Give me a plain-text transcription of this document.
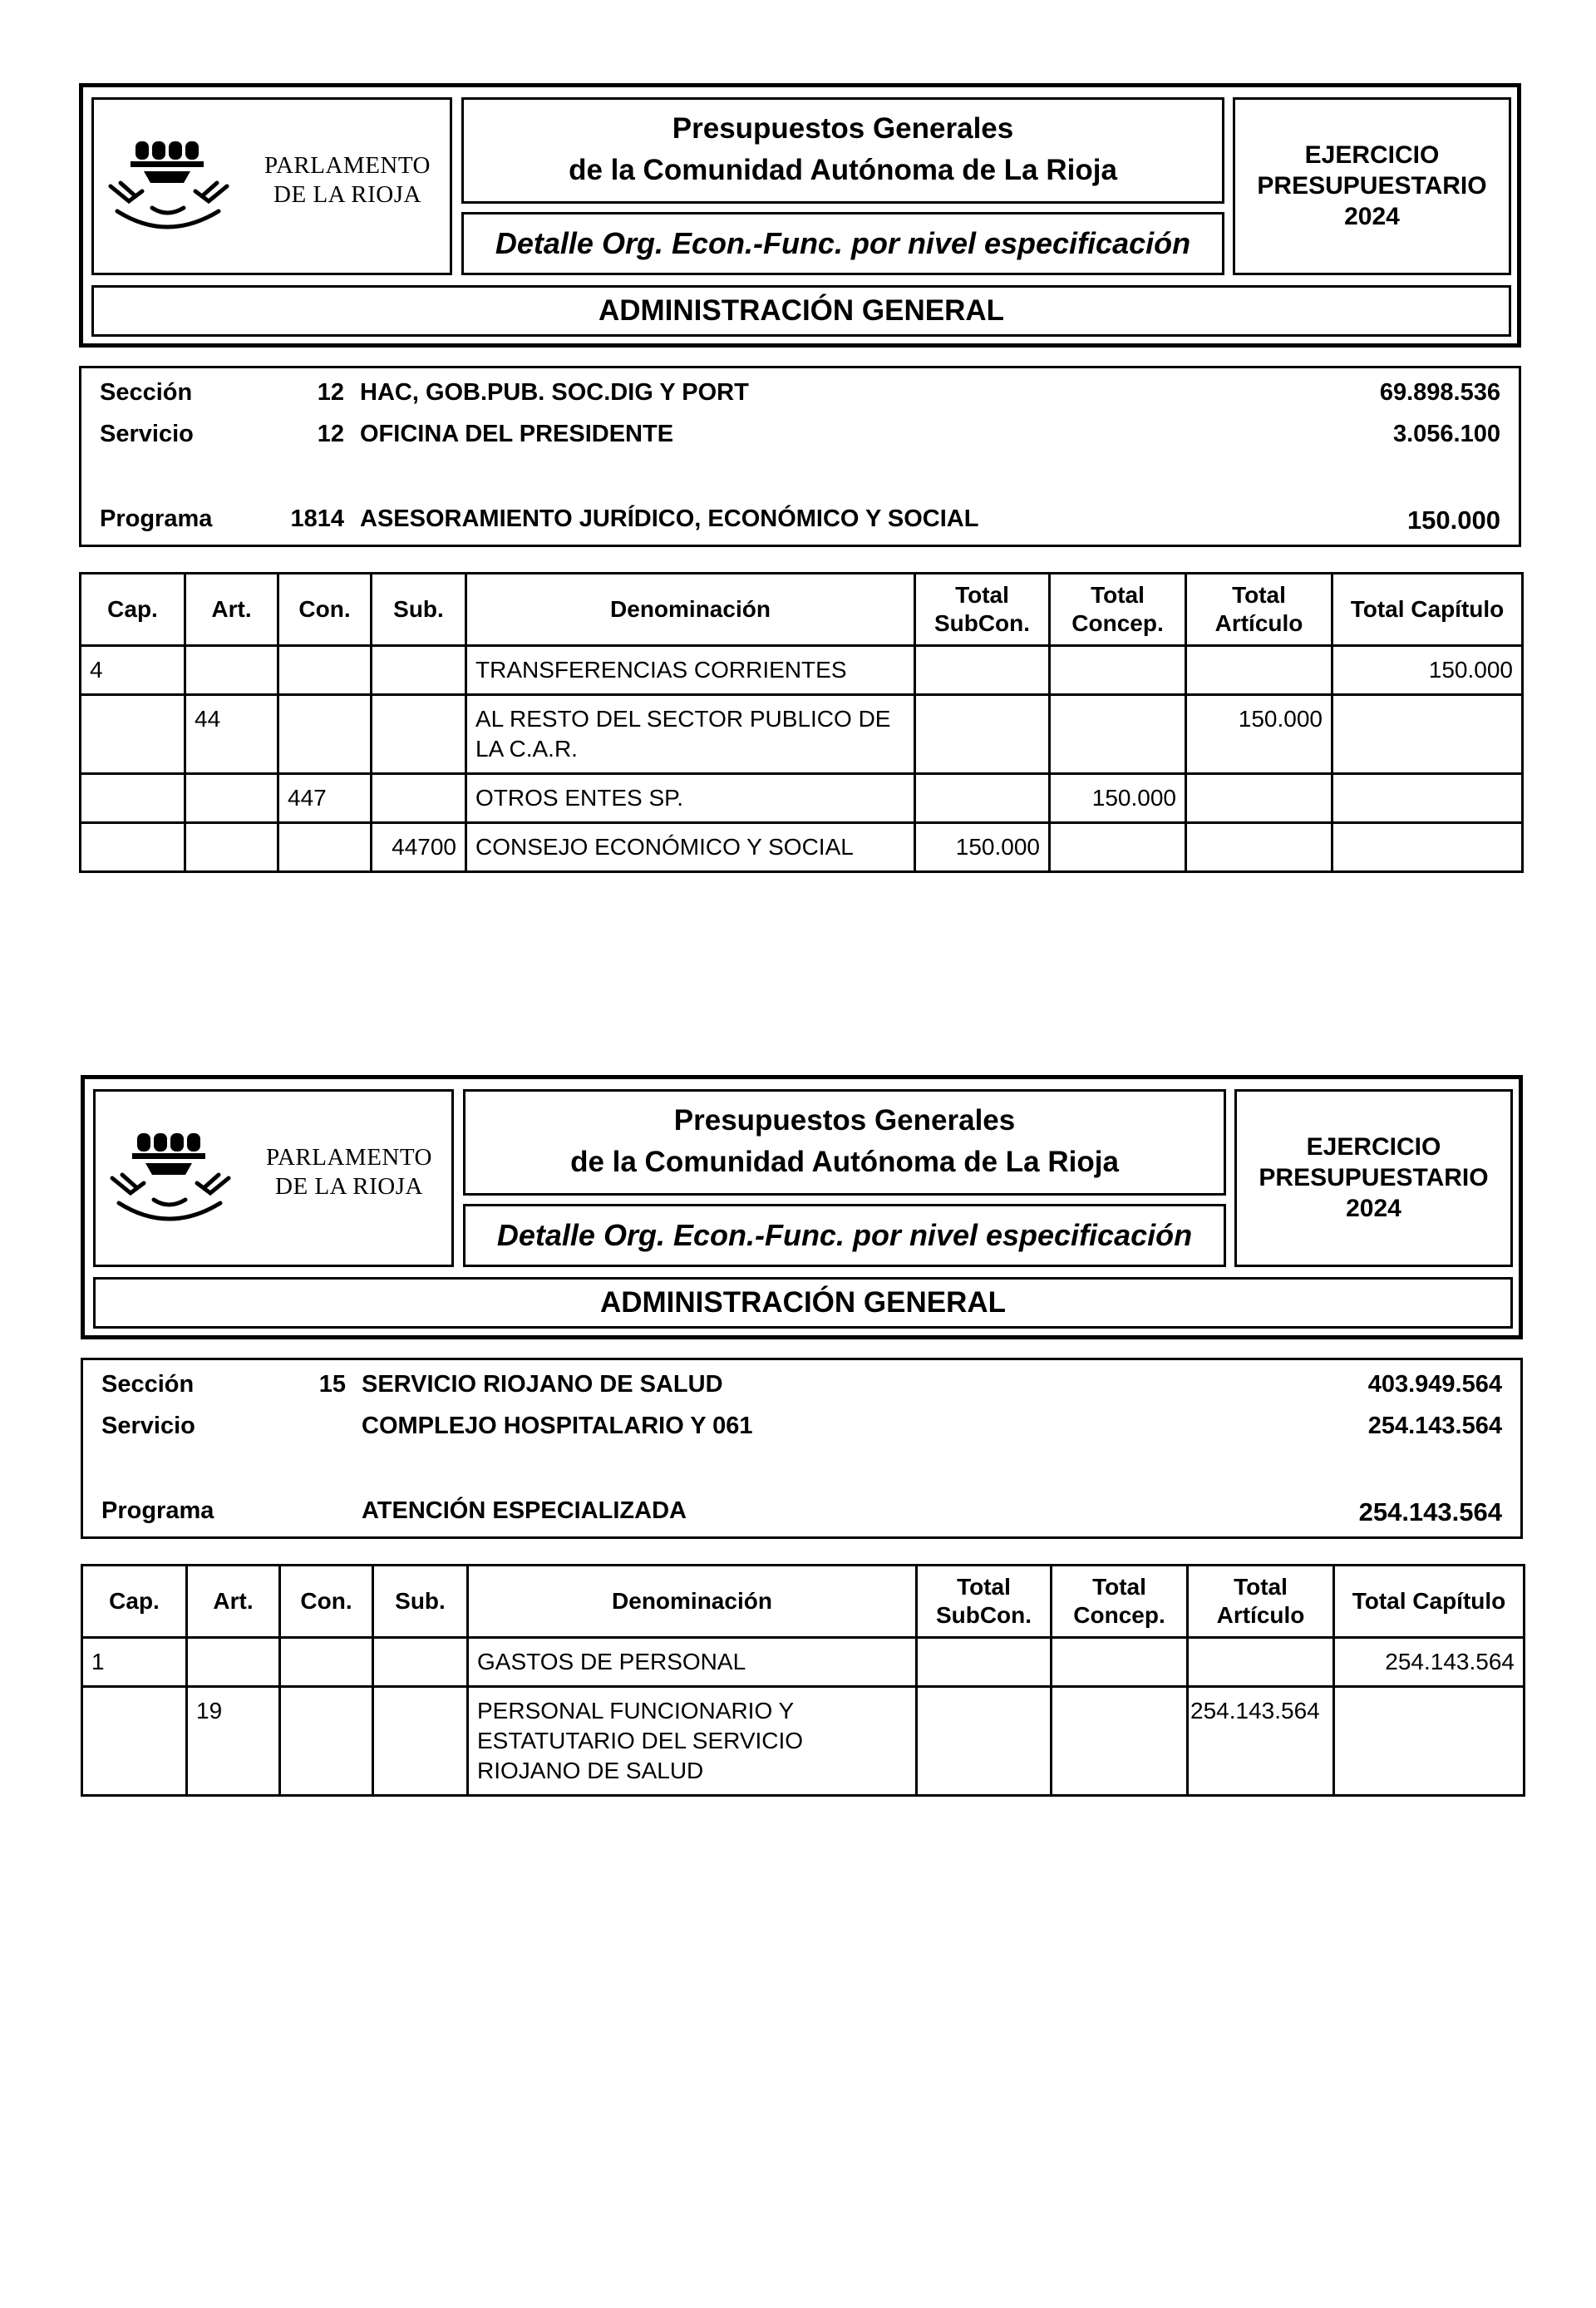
PARLAMENTO
DE LA RIOJA
Presupuestos Generales
de la Comunidad Autónoma de La Rioja
Detalle Org. Econ.-Func. por nivel especificación
EJERCICIO
PRESUPUESTARIO
2024
ADMINISTRACIÓN GENERAL
Sección	12 HAC, GOB.PUB. SOC.DIG Y PORT	69.898.536
Servicio	12 OFICINA DEL PRESIDENTE	3.056.100
Programa	1814 ASESORAMIENTO JURÍDICO, ECONÓMICO Y SOCIAL	150.000
Cap.	Art.	Con.	Sub.	Denominación	Total SubCon.	Total Concep.	Total Artículo	Total Capítulo
4				TRANSFERENCIAS CORRIENTES				150.000
	44			AL RESTO DEL SECTOR PUBLICO DE LA C.A.R.			150.000	
		447		OTROS ENTES SP.		150.000		
			44700	CONSEJO ECONÓMICO Y SOCIAL	150.000			
PARLAMENTO
DE LA RIOJA
Presupuestos Generales
de la Comunidad Autónoma de La Rioja
Detalle Org. Econ.-Func. por nivel especificación
EJERCICIO
PRESUPUESTARIO
2024
ADMINISTRACIÓN GENERAL
Sección	15 SERVICIO RIOJANO DE SALUD	403.949.564
Servicio	COMPLEJO HOSPITALARIO Y 061	254.143.564
Programa	ATENCIÓN ESPECIALIZADA	254.143.564
Cap.	Art.	Con.	Sub.	Denominación	Total SubCon.	Total Concep.	Total Artículo	Total Capítulo
1				GASTOS DE PERSONAL				254.143.564
	19			PERSONAL FUNCIONARIO Y ESTATUTARIO DEL SERVICIO RIOJANO DE SALUD			254.143.564	
